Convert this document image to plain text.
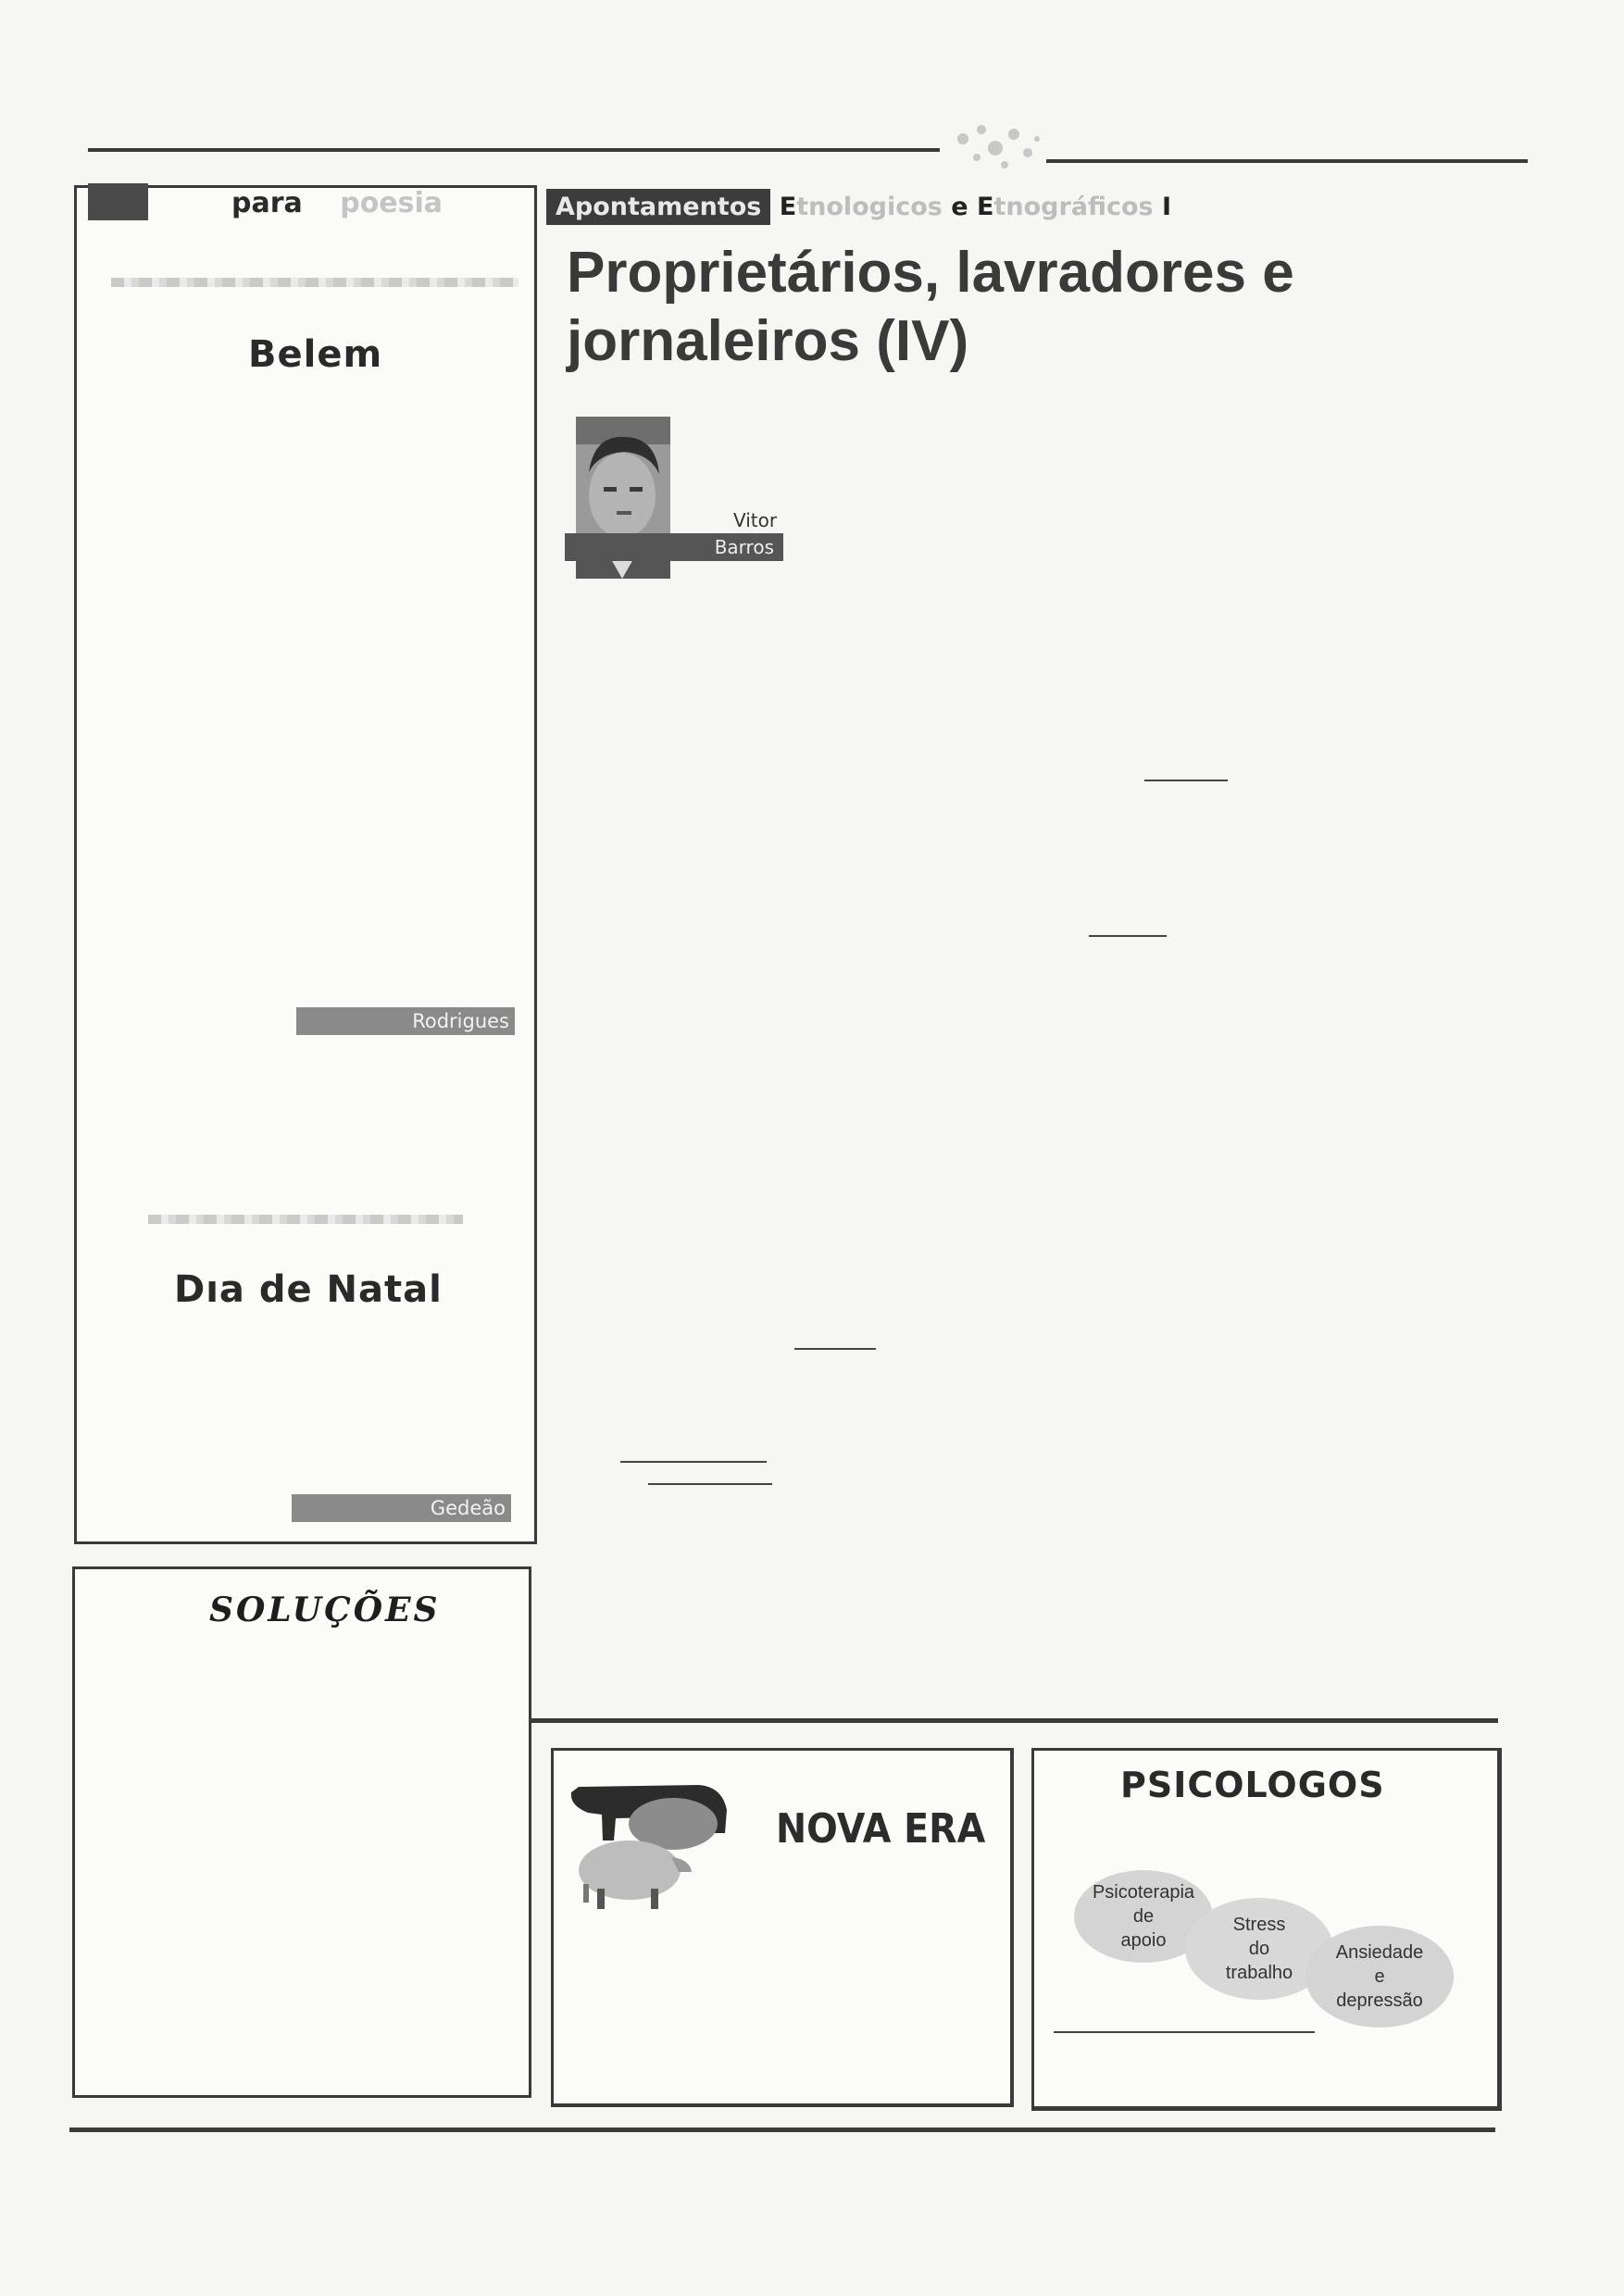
para poesia
Belem
Rodrigues
Dıa de Natal
Gedeão
SOLUÇÕES
Apontamentos Etnologicos e Etnográficos I
Proprietários, lavradores e
jornaleiros (IV)
Vitor
Barros
NOVA ERA
PSICOLOGOS
Psicoterapia
de
apoio
Stress
do
trabalho
Ansiedade
e
depressão
